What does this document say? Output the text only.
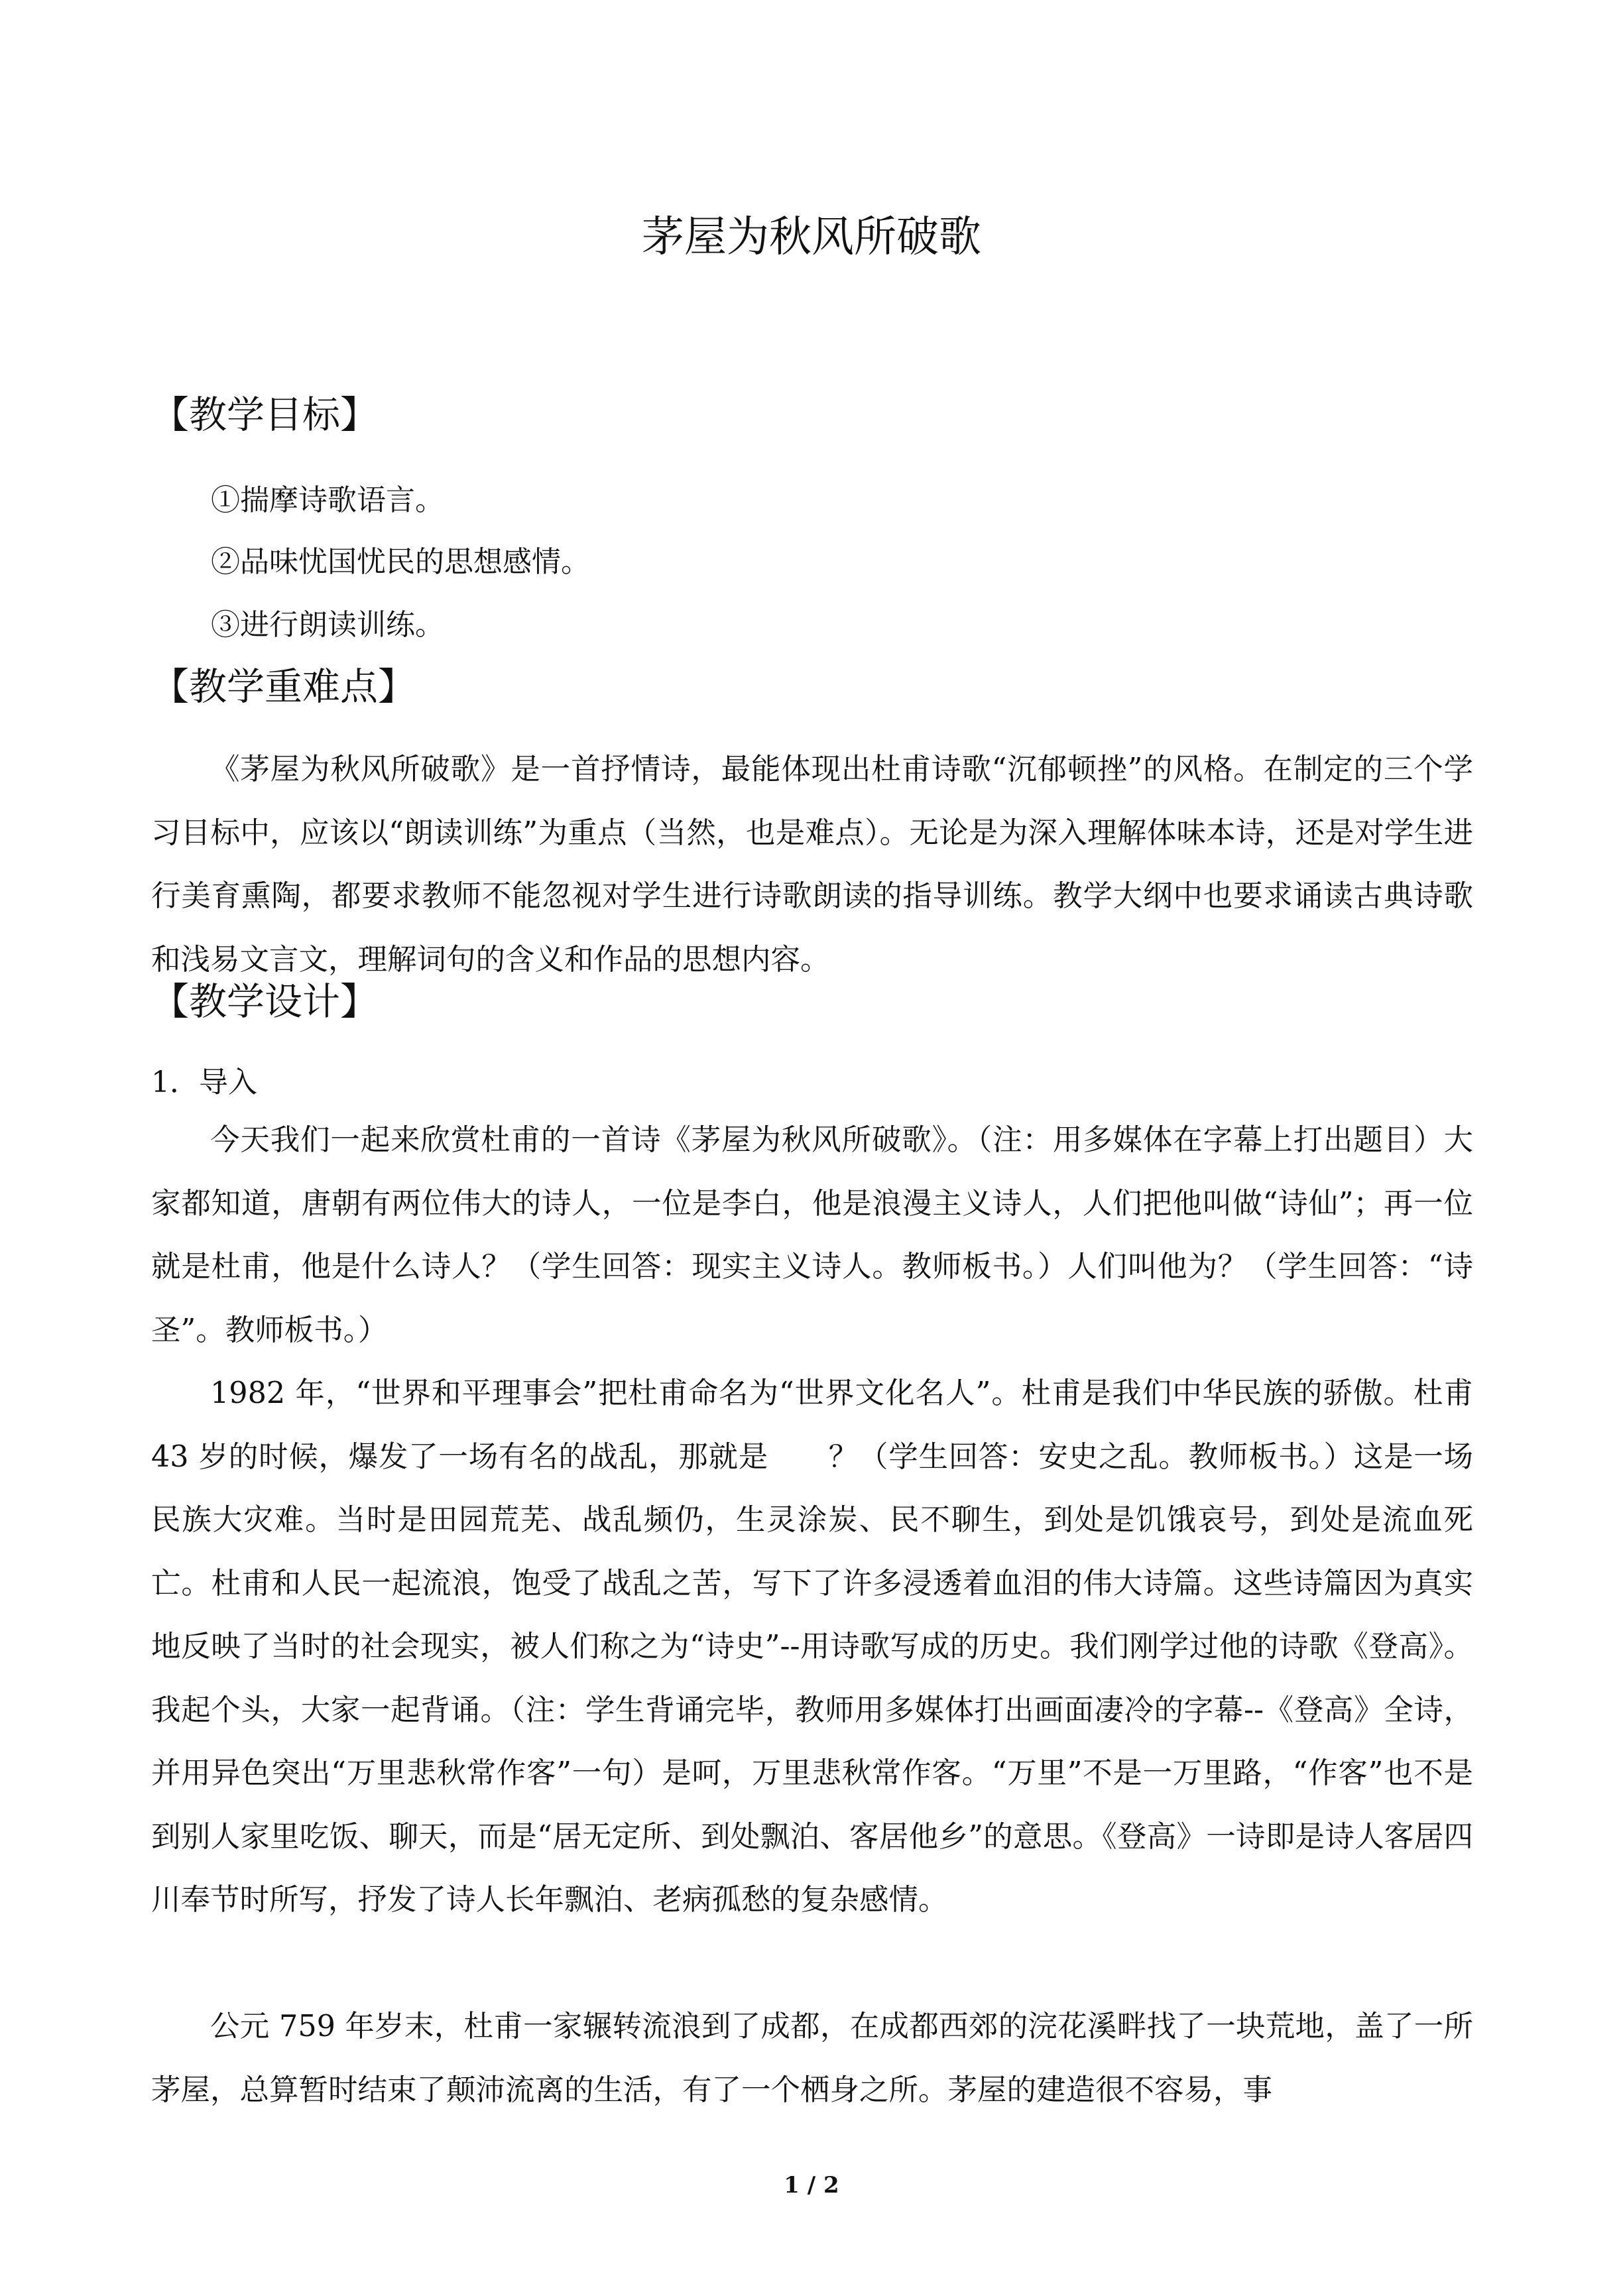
茅屋为秋风所破歌
【教学目标】
①揣摩诗歌语言。
②品味忧国忧民的思想感情。
③进行朗读训练。
【教学重难点】

《茅屋为秋风所破歌》是一首抒情诗，最能体现出杜甫诗歌“沉郁顿挫”的风格。在制定的三个学习目标中，应该以“朗读训练”为重点（当然，也是难点）。无论是为深入理解体味本诗，还是对学生进行美育熏陶，都要求教师不能忽视对学生进行诗歌朗读的指导训练。教学大纲中也要求诵读古典诗歌和浅易文言文，理解词句的含义和作品的思想内容。

【教学设计】
1．导入

今天我们一起来欣赏杜甫的一首诗《茅屋为秋风所破歌》。（注：用多媒体在字幕上打出题目）大家都知道，唐朝有两位伟大的诗人，一位是李白，他是浪漫主义诗人，人们把他叫做“诗仙”；再一位就是杜甫，他是什么诗人？（学生回答：现实主义诗人。教师板书。）人们叫他为？（学生回答：“诗圣”。教师板书。）

1982 年，“世界和平理事会”把杜甫命名为“世界文化名人”。杜甫是我们中华民族的骄傲。杜甫 43 岁的时候，爆发了一场有名的战乱，那就是 ？（学生回答：安史之乱。教师板书。）这是一场民族大灾难。当时是田园荒芜、战乱频仍，生灵涂炭、民不聊生，到处是饥饿哀号，到处是流血死亡。杜甫和人民一起流浪，饱受了战乱之苦，写下了许多浸透着血泪的伟大诗篇。这些诗篇因为真实地反映了当时的社会现实，被人们称之为“诗史”--用诗歌写成的历史。我们刚学过他的诗歌《登高》。我起个头，大家一起背诵。（注：学生背诵完毕，教师用多媒体打出画面凄冷的字幕--《登高》全诗，并用异色突出“万里悲秋常作客”一句）是呵，万里悲秋常作客。“万里”不是一万里路，“作客”也不是到别人家里吃饭、聊天，而是“居无定所、到处飘泊、客居他乡”的意思。《登高》一诗即是诗人客居四川奉节时所写，抒发了诗人长年飘泊、老病孤愁的复杂感情。

公元 759 年岁末，杜甫一家辗转流浪到了成都，在成都西郊的浣花溪畔找了一块荒地，盖了一所茅屋，总算暂时结束了颠沛流离的生活，有了一个栖身之所。茅屋的建造很不容易，事

1 / 2
